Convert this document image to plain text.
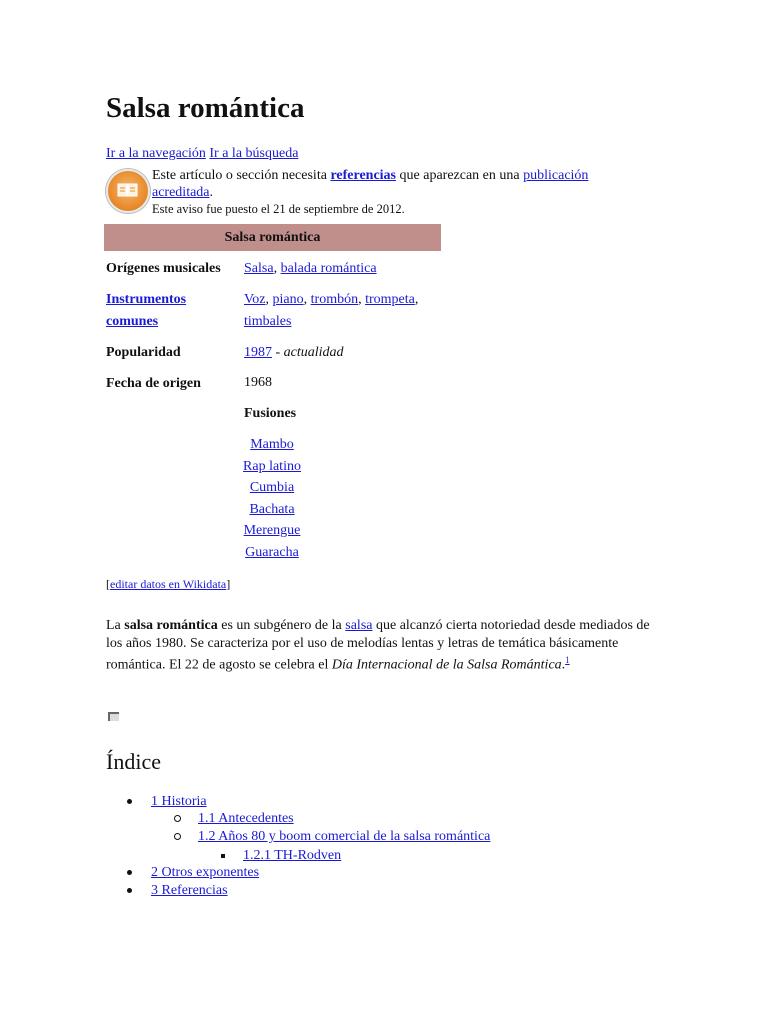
Salsa romántica
Ir a la navegación Ir a la búsqueda
Este artículo o sección necesita referencias que aparezcan en una publicación
acreditada.
Este aviso fue puesto el 21 de septiembre de 2012.
Salsa romántica
Orígenes musicales Salsa, balada romántica
Instrumentos
comunes
Voz, piano, trombón, trompeta,
timbales
Popularidad	1987 - actualidad
Fecha de origen	1968
Fusiones
Mambo
Rap latino
Cumbia
Bachata
Merengue
Guaracha
[editar datos en Wikidata]
La salsa romántica es un subgénero de la salsa que alcanzó cierta notoriedad desde mediados de los años 1980. Se caracteriza por el uso de melodías lentas y letras de temática básicamente romántica. El 22 de agosto se celebra el Día Internacional de la Salsa Romántica.$^1$
Índice
1 Historia
1.1 Antecedentes
1.2 Años 80 y boom comercial de la salsa romántica
1.2.1 TH-Rodven
2 Otros exponentes
3 Referencias
